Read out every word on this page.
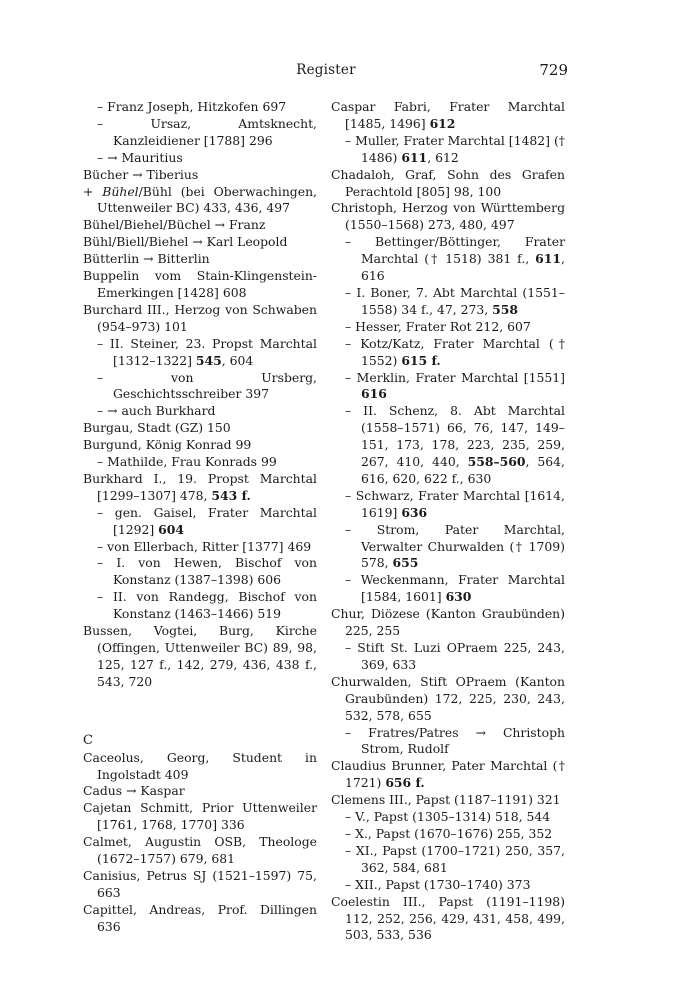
Register	729

– Franz Joseph, Hitzkofen 697

– Ursaz, Amtsknecht, Kanzleidiener [1788] 296

– → Mauritius

Bücher → Tiberius

+ Bühel/Bühl (bei Oberwachingen, Uttenweiler BC) 433, 436, 497

Bühel/Biehel/Büchel → Franz

Bühl/Biell/Biehel → Karl Leopold

Bütterlin → Bitterlin

Buppelin vom Stain-Klingenstein-Emerkingen [1428] 608

Burchard III., Herzog von Schwaben (954–973) 101

– II. Steiner, 23. Propst Marchtal [1312–1322] 545, 604

– von Ursberg, Geschichtsschreiber 397

– → auch Burkhard

Burgau, Stadt (GZ) 150

Burgund, König Konrad 99

– Mathilde, Frau Konrads 99

Burkhard I., 19. Propst Marchtal [1299–1307] 478, 543 f.

– gen. Gaisel, Frater Marchtal [1292] 604

– von Ellerbach, Ritter [1377] 469

– I. von Hewen, Bischof von Konstanz (1387–1398) 606

– II. von Randegg, Bischof von Konstanz (1463–1466) 519

Bussen, Vogtei, Burg, Kirche (Offingen, Uttenweiler BC) 89, 98, 125, 127 f., 142, 279, 436, 438 f., 543, 720

C

Caceolus, Georg, Student in Ingolstadt 409

Cadus → Kaspar

Cajetan Schmitt, Prior Uttenweiler [1761, 1768, 1770] 336

Calmet, Augustin OSB, Theologe (1672–1757) 679, 681

Canisius, Petrus SJ (1521–1597) 75, 663

Capittel, Andreas, Prof. Dillingen 636

Caspar Fabri, Frater Marchtal [1485, 1496] 612

– Muller, Frater Marchtal [1482] († 1486) 611, 612

Chadaloh, Graf, Sohn des Grafen Perachtold [805] 98, 100

Christoph, Herzog von Württemberg (1550–1568) 273, 480, 497

– Bettinger/Böttinger, Frater Marchtal († 1518) 381 f., 611, 616

– I. Boner, 7. Abt Marchtal (1551–1558) 34 f., 47, 273, 558

– Hesser, Frater Rot 212, 607

– Kotz/Katz, Frater Marchtal († 1552) 615 f.

– Merklin, Frater Marchtal [1551] 616

– II. Schenz, 8. Abt Marchtal (1558–1571) 66, 76, 147, 149–151, 173, 178, 223, 235, 259, 267, 410, 440, 558–560, 564, 616, 620, 622 f., 630

– Schwarz, Frater Marchtal [1614, 1619] 636

– Strom, Pater Marchtal, Verwalter Churwalden († 1709) 578, 655

– Weckenmann, Frater Marchtal [1584, 1601] 630

Chur, Diözese (Kanton Graubünden) 225, 255

– Stift St. Luzi OPraem 225, 243, 369, 633

Churwalden, Stift OPraem (Kanton Graubünden) 172, 225, 230, 243, 532, 578, 655

– Fratres/Patres → Christoph Strom, Rudolf

Claudius Brunner, Pater Marchtal († 1721) 656 f.

Clemens III., Papst (1187–1191) 321

– V., Papst (1305–1314) 518, 544

– X., Papst (1670–1676) 255, 352

– XI., Papst (1700–1721) 250, 357, 362, 584, 681

– XII., Papst (1730–1740) 373

Coelestin III., Papst (1191–1198) 112, 252, 256, 429, 431, 458, 499, 503, 533, 536
